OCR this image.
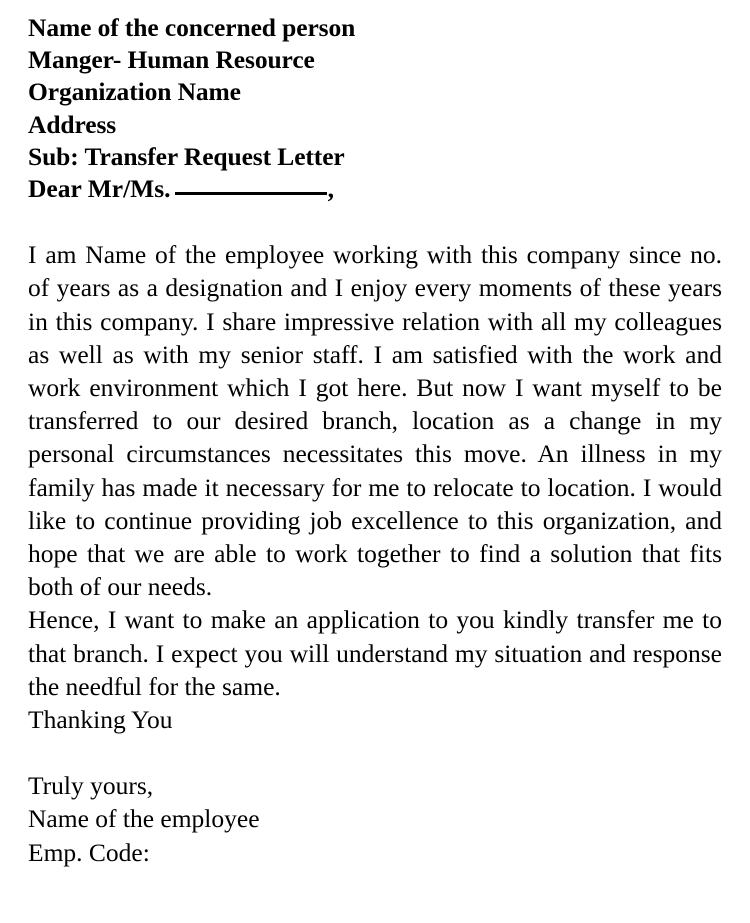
Name of the concerned person
Manger- Human Resource
Organization Name
Address
Sub: Transfer Request Letter
Dear Mr/Ms.	,

I am Name of the employee working with this company since no. of years as a designation and I enjoy every moments of these years in this company. I share impressive relation with all my colleagues as well as with my senior staff. I am satisfied with the work and work environment which I got here. But now I want myself to be transferred to our desired branch, location as a change in my personal circumstances necessitates this move. An illness in my family has made it necessary for me to relocate to location. I would like to continue providing job excellence to this organization, and hope that we are able to work together to find a solution that fits both of our needs.

Hence, I want to make an application to you kindly transfer me to that branch. I expect you will understand my situation and response the needful for the same.

Thanking You

Truly yours,
Name of the employee
Emp. Code:
